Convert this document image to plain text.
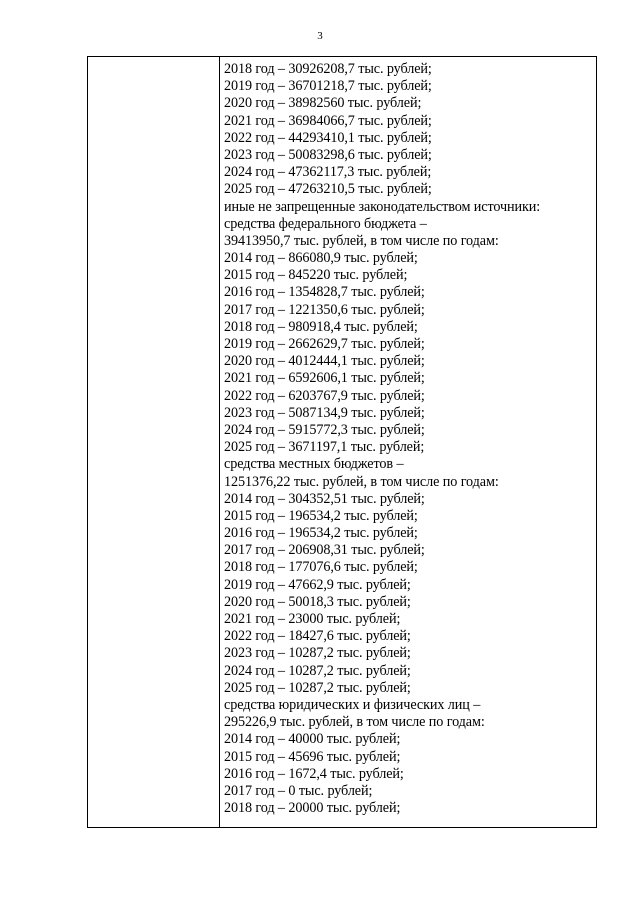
3
2018 год – 30926208,7 тыс. рублей;
2019 год – 36701218,7 тыс. рублей;
2020 год – 38982560 тыс. рублей;
2021 год – 36984066,7 тыс. рублей;
2022 год – 44293410,1 тыс. рублей;
2023 год – 50083298,6 тыс. рублей;
2024 год – 47362117,3 тыс. рублей;
2025 год – 47263210,5 тыс. рублей;
иные не запрещенные законодательством источники:
средства федерального бюджета –
39413950,7 тыс. рублей, в том числе по годам:
2014 год – 866080,9 тыс. рублей;
2015 год – 845220 тыс. рублей;
2016 год – 1354828,7 тыс. рублей;
2017 год – 1221350,6 тыс. рублей;
2018 год – 980918,4 тыс. рублей;
2019 год – 2662629,7 тыс. рублей;
2020 год – 4012444,1 тыс. рублей;
2021 год – 6592606,1 тыс. рублей;
2022 год – 6203767,9 тыс. рублей;
2023 год – 5087134,9 тыс. рублей;
2024 год – 5915772,3 тыс. рублей;
2025 год – 3671197,1 тыс. рублей;
средства местных бюджетов –
1251376,22 тыс. рублей, в том числе по годам:
2014 год – 304352,51 тыс. рублей;
2015 год – 196534,2 тыс. рублей;
2016 год – 196534,2 тыс. рублей;
2017 год – 206908,31 тыс. рублей;
2018 год – 177076,6 тыс. рублей;
2019 год – 47662,9 тыс. рублей;
2020 год – 50018,3 тыс. рублей;
2021 год – 23000 тыс. рублей;
2022 год – 18427,6 тыс. рублей;
2023 год – 10287,2 тыс. рублей;
2024 год – 10287,2 тыс. рублей;
2025 год – 10287,2 тыс. рублей;
средства юридических и физических лиц –
295226,9 тыс. рублей, в том числе по годам:
2014 год – 40000 тыс. рублей;
2015 год – 45696 тыс. рублей;
2016 год – 1672,4 тыс. рублей;
2017 год – 0 тыс. рублей;
2018 год – 20000 тыс. рублей;
